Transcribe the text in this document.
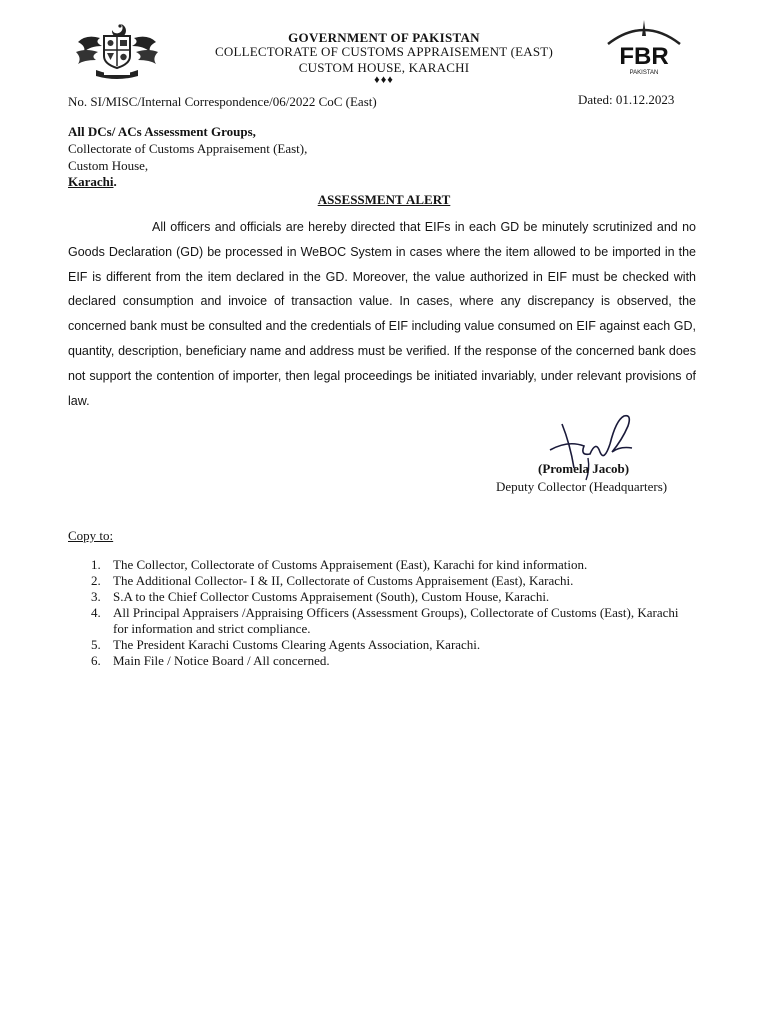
FBR
PAKISTAN
GOVERNMENT OF PAKISTAN
COLLECTORATE OF CUSTOMS APPRAISEMENT (EAST)
CUSTOM HOUSE, KARACHI
♦♦♦
No. SI/MISC/Internal Correspondence/06/2022 CoC (East)	Dated: 01.12.2023
All DCs/ ACs Assessment Groups,
Collectorate of Customs Appraisement (East),
Custom House,
Karachi.
ASSESSMENT ALERT

All officers and officials are hereby directed that EIFs in each GD be minutely scrutinized and no Goods Declaration (GD) be processed in WeBOC System in cases where the item allowed to be imported in the EIF is different from the item declared in the GD. Moreover, the value authorized in EIF must be checked with declared consumption and invoice of transaction value. In cases, where any discrepancy is observed, the concerned bank must be consulted and the credentials of EIF including value consumed on EIF against each GD, quantity, description, beneficiary name and address must be verified. If the response of the concerned bank does not support the contention of importer, then legal proceedings be initiated invariably, under relevant provisions of law.

(Promela Jacob)
Deputy Collector (Headquarters)
Copy to:
1. The Collector, Collectorate of Customs Appraisement (East), Karachi for kind information.
2. The Additional Collector- I & II, Collectorate of Customs Appraisement (East), Karachi.
3. S.A to the Chief Collector Customs Appraisement (South), Custom House, Karachi.
4. All Principal Appraisers /Appraising Officers (Assessment Groups), Collectorate of Customs (East), Karachi for information and strict compliance.
5. The President Karachi Customs Clearing Agents Association, Karachi.
6. Main File / Notice Board / All concerned.
